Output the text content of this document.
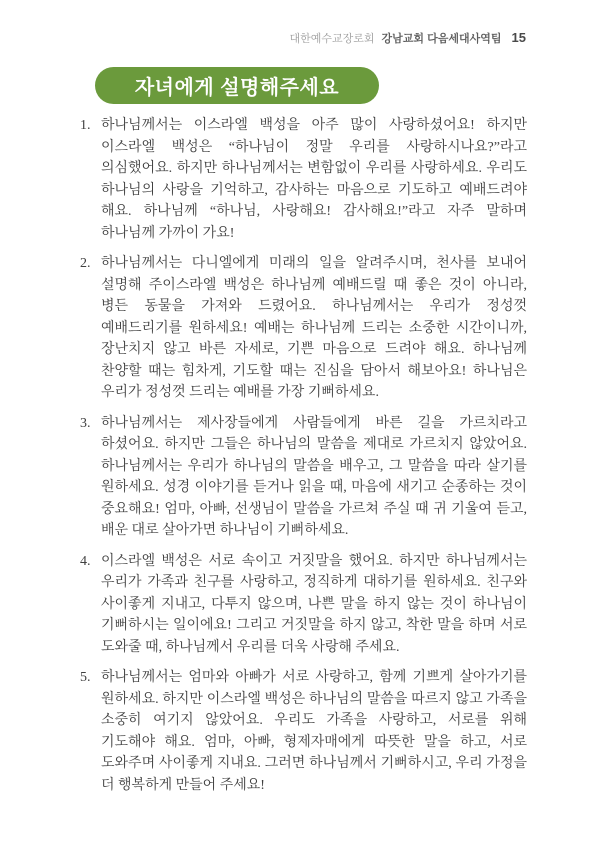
대한예수교장로회 강남교회 다음세대사역팀 15
자녀에게 설명해주세요
1. 하나님께서는 이스라엘 백성을 아주 많이 사랑하셨어요! 하지만 이스라엘 백성은 “하나님이 정말 우리를 사랑하시나요?”라고 의심했어요. 하지만 하나님께서는 변함없이 우리를 사랑하세요. 우리도 하나님의 사랑을 기억하고, 감사하는 마음으로 기도하고 예배드려야 해요. 하나님께 “하나님, 사랑해요! 감사해요!”라고 자주 말하며 하나님께 가까이 가요!
2. 하나님께서는 다니엘에게 미래의 일을 알려주시며, 천사를 보내어 설명해 주이스라엘 백성은 하나님께 예배드릴 때 좋은 것이 아니라, 병든 동물을 가져와 드렸어요. 하나님께서는 우리가 정성껏 예배드리기를 원하세요! 예배는 하나님께 드리는 소중한 시간이니까, 장난치지 않고 바른 자세로, 기쁜 마음으로 드려야 해요. 하나님께 찬양할 때는 힘차게, 기도할 때는 진심을 담아서 해보아요! 하나님은 우리가 정성껏 드리는 예배를 가장 기뻐하세요.
3. 하나님께서는 제사장들에게 사람들에게 바른 길을 가르치라고 하셨어요. 하지만 그들은 하나님의 말씀을 제대로 가르치지 않았어요. 하나님께서는 우리가 하나님의 말씀을 배우고, 그 말씀을 따라 살기를 원하세요. 성경 이야기를 듣거나 읽을 때, 마음에 새기고 순종하는 것이 중요해요! 엄마, 아빠, 선생님이 말씀을 가르쳐 주실 때 귀 기울여 듣고, 배운 대로 살아가면 하나님이 기뻐하세요.
4. 이스라엘 백성은 서로 속이고 거짓말을 했어요. 하지만 하나님께서는 우리가 가족과 친구를 사랑하고, 정직하게 대하기를 원하세요. 친구와 사이좋게 지내고, 다투지 않으며, 나쁜 말을 하지 않는 것이 하나님이 기뻐하시는 일이에요! 그리고 거짓말을 하지 않고, 착한 말을 하며 서로 도와줄 때, 하나님께서 우리를 더욱 사랑해 주세요.
5. 하나님께서는 엄마와 아빠가 서로 사랑하고, 함께 기쁘게 살아가기를 원하세요. 하지만 이스라엘 백성은 하나님의 말씀을 따르지 않고 가족을 소중히 여기지 않았어요. 우리도 가족을 사랑하고, 서로를 위해 기도해야 해요. 엄마, 아빠, 형제자매에게 따뜻한 말을 하고, 서로 도와주며 사이좋게 지내요. 그러면 하나님께서 기뻐하시고, 우리 가정을 더 행복하게 만들어 주세요!
